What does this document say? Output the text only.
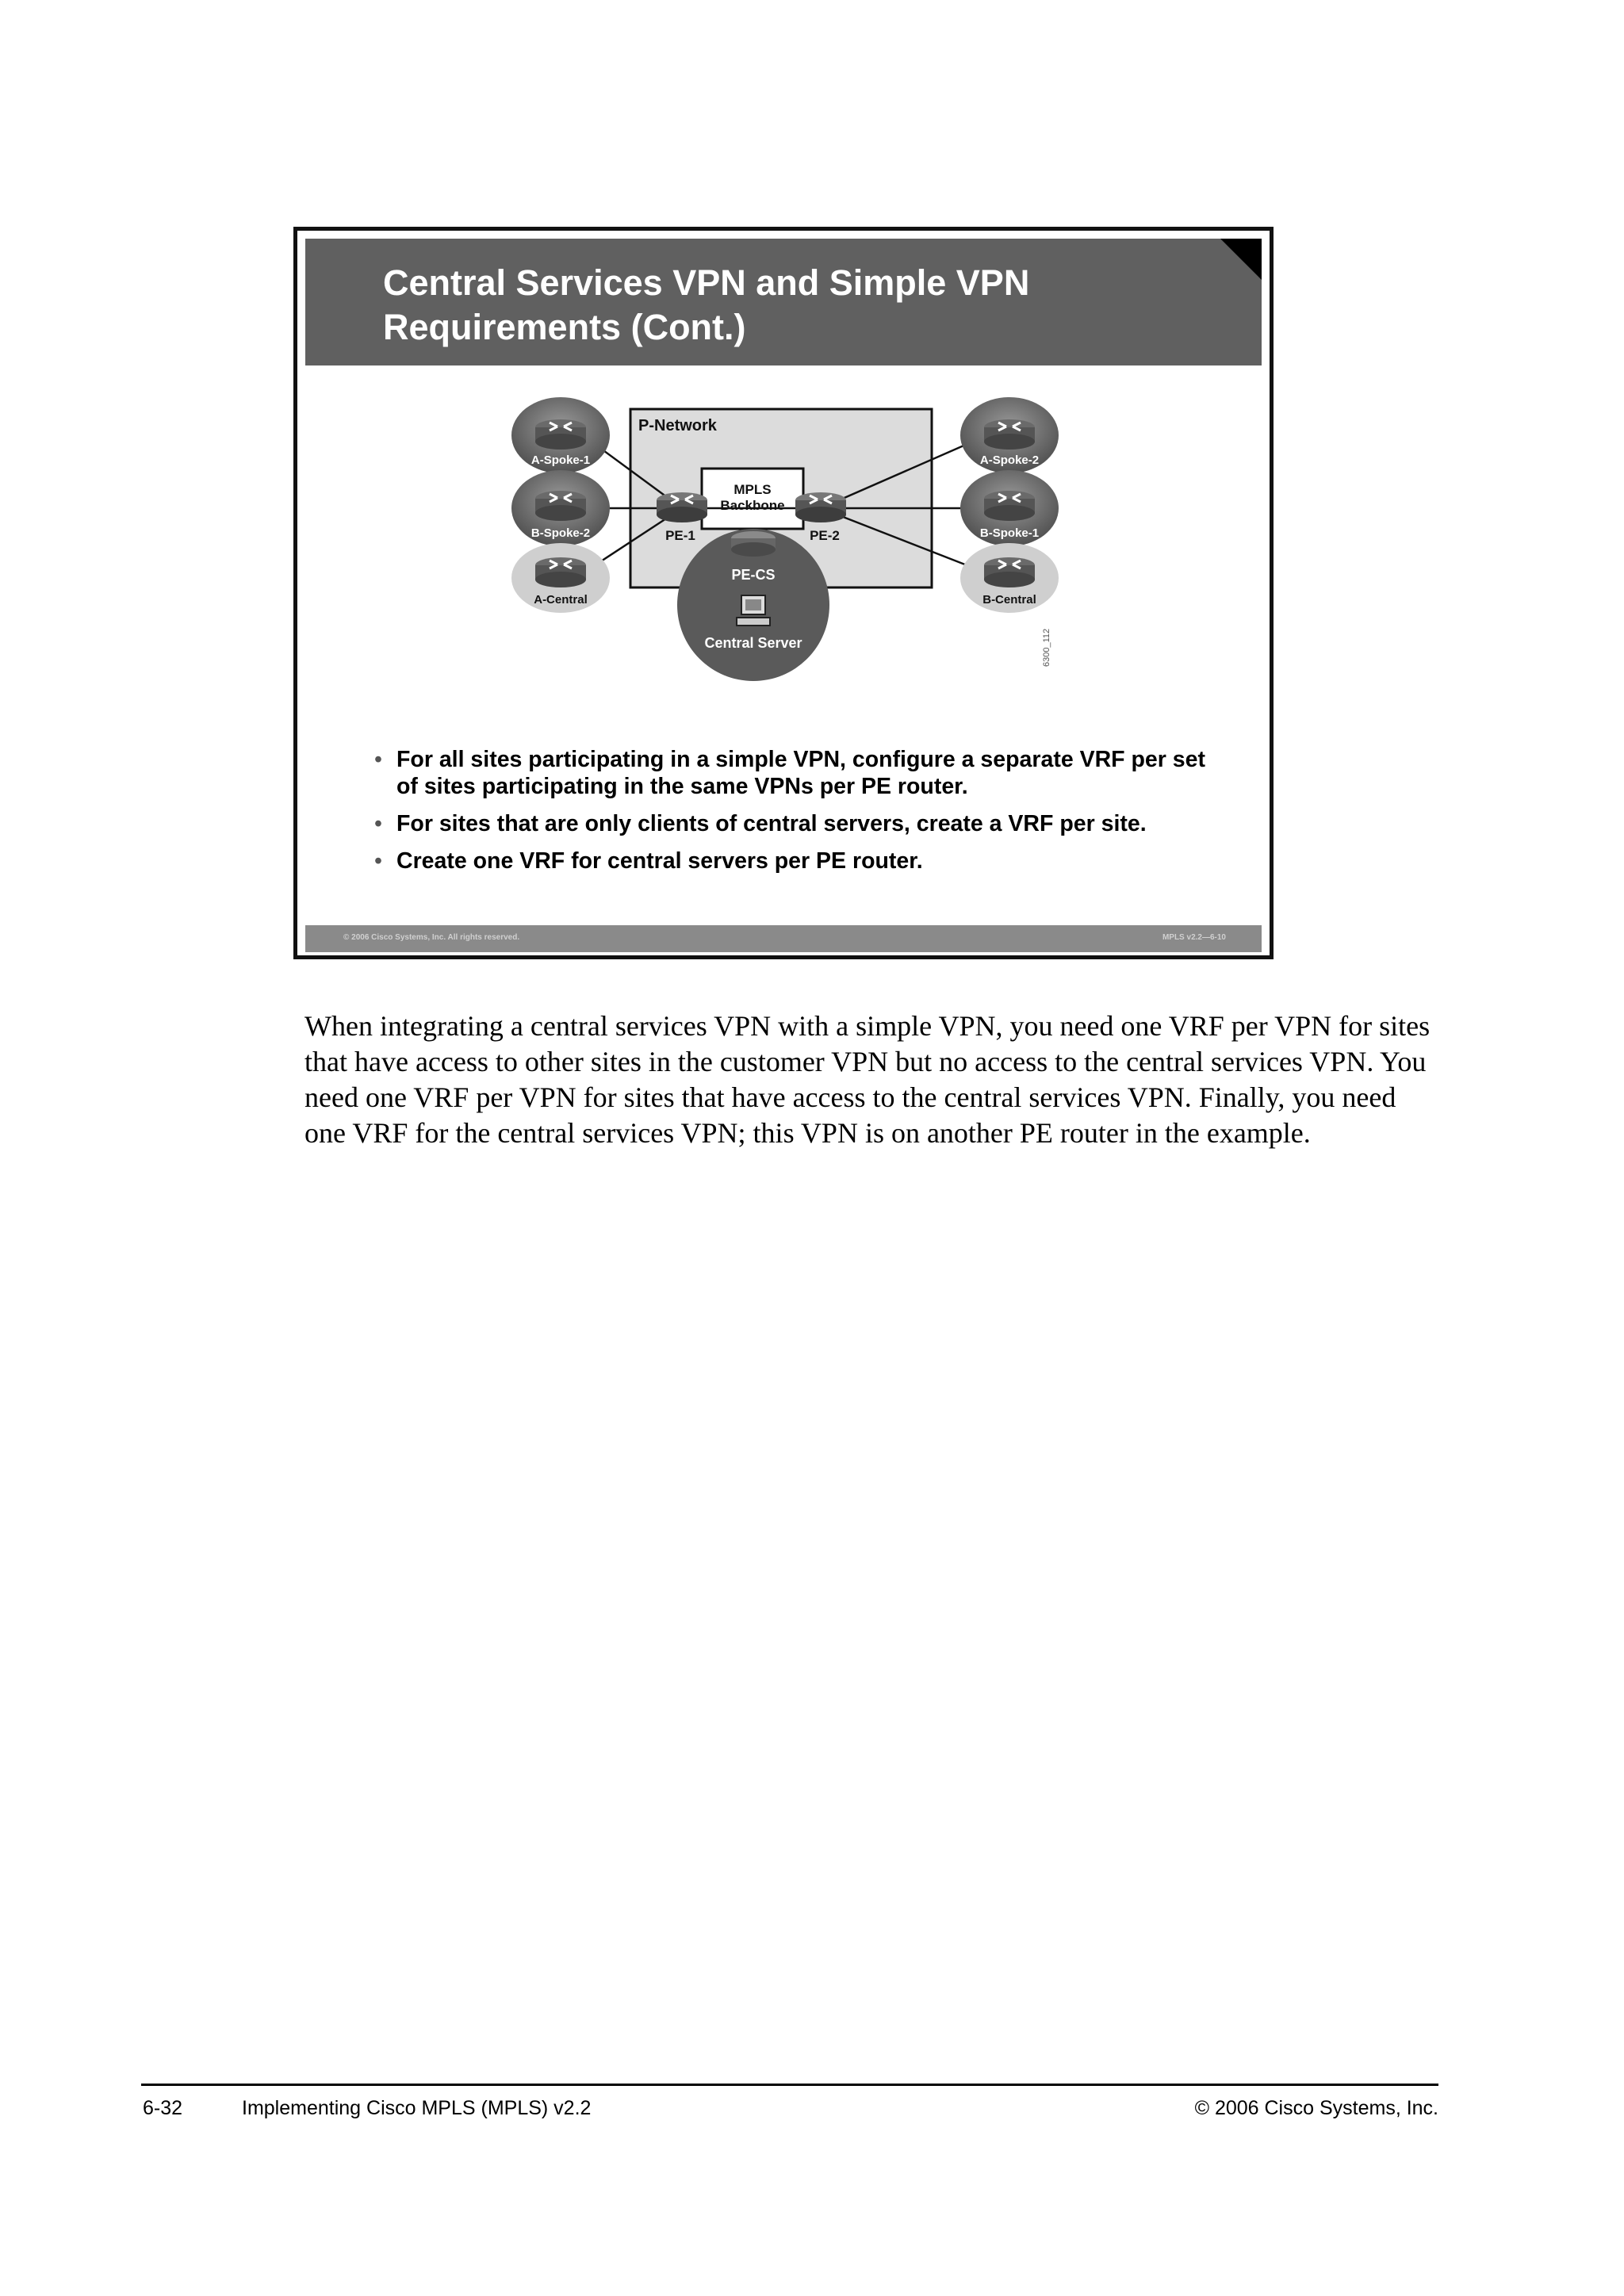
Central Services VPN and Simple VPN
Requirements (Cont.)
P-Network
MPLS
Backbone
A-Spoke-1
B-Spoke-2
A-Central
A-Spoke-2
B-Spoke-1
B-Central
PE-1	PE-2
PE-CS
Central Server	6300_112
• For all sites participating in a simple VPN, configure a separate VRF per set of sites participating in the same VPNs per PE router.
• For sites that are only clients of central servers, create a VRF per site.
• Create one VRF for central servers per PE router.
© 2006 Cisco Systems, Inc. All rights reserved.	MPLS v2.2—6-10

When integrating a central services VPN with a simple VPN, you need one VRF per VPN for sites that have access to other sites in the customer VPN but no access to the central services VPN. You need one VRF per VPN for sites that have access to the central services VPN. Finally, you need one VRF for the central services VPN; this VPN is on another PE router in the example.

6-32	Implementing Cisco MPLS (MPLS) v2.2	© 2006 Cisco Systems, Inc.
